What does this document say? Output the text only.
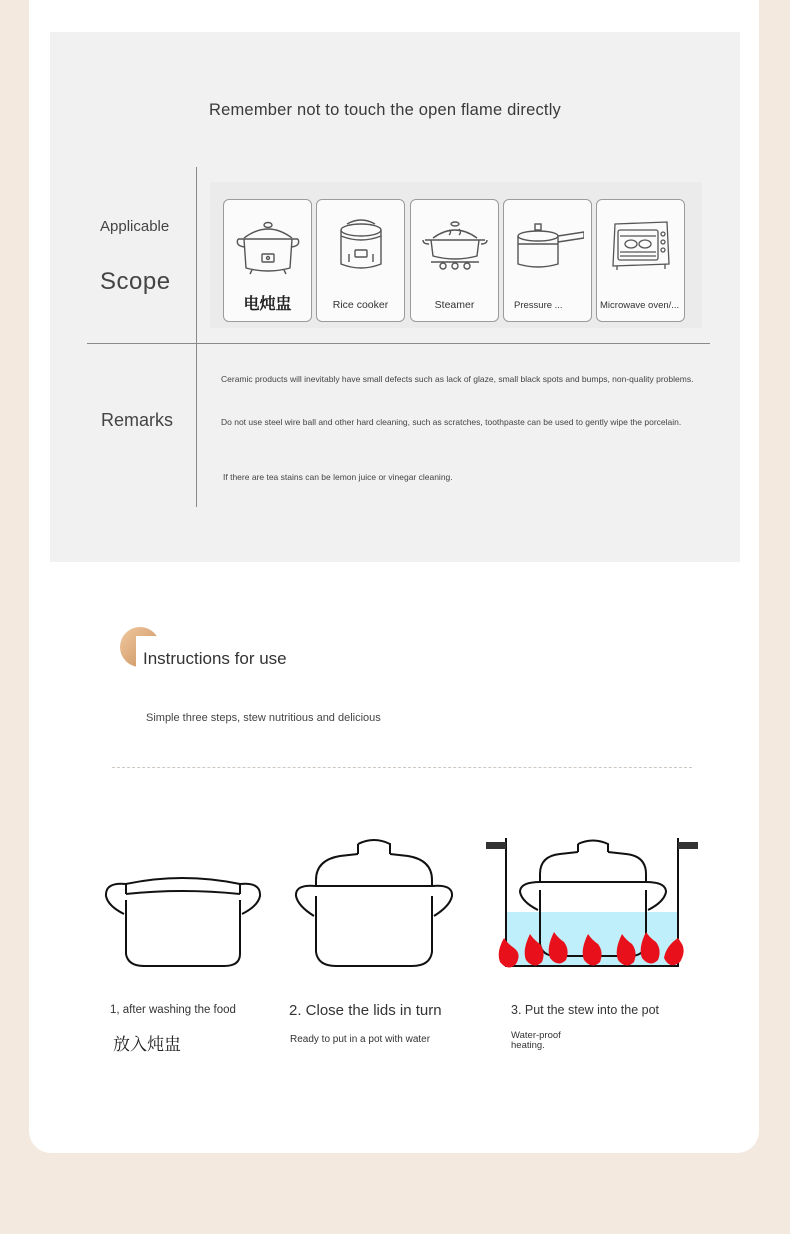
Remember not to touch the open flame directly
Applicable
Scope
电炖盅	Rice cooker	Steamer	Pressure ...	Microwave oven/...
Remarks
Ceramic products will inevitably have small defects such as lack of glaze, small black spots and bumps, non-quality problems.
Do not use steel wire ball and other hard cleaning, such as scratches, toothpaste can be used to gently wipe the porcelain.
If there are tea stains can be lemon juice or vinegar cleaning.
Instructions for use
Simple three steps, stew nutritious and delicious
1, after washing the food
放入炖盅
2. Close the lids in turn
Ready to put in a pot with water
3. Put the stew into the pot
Water-proof heating.
